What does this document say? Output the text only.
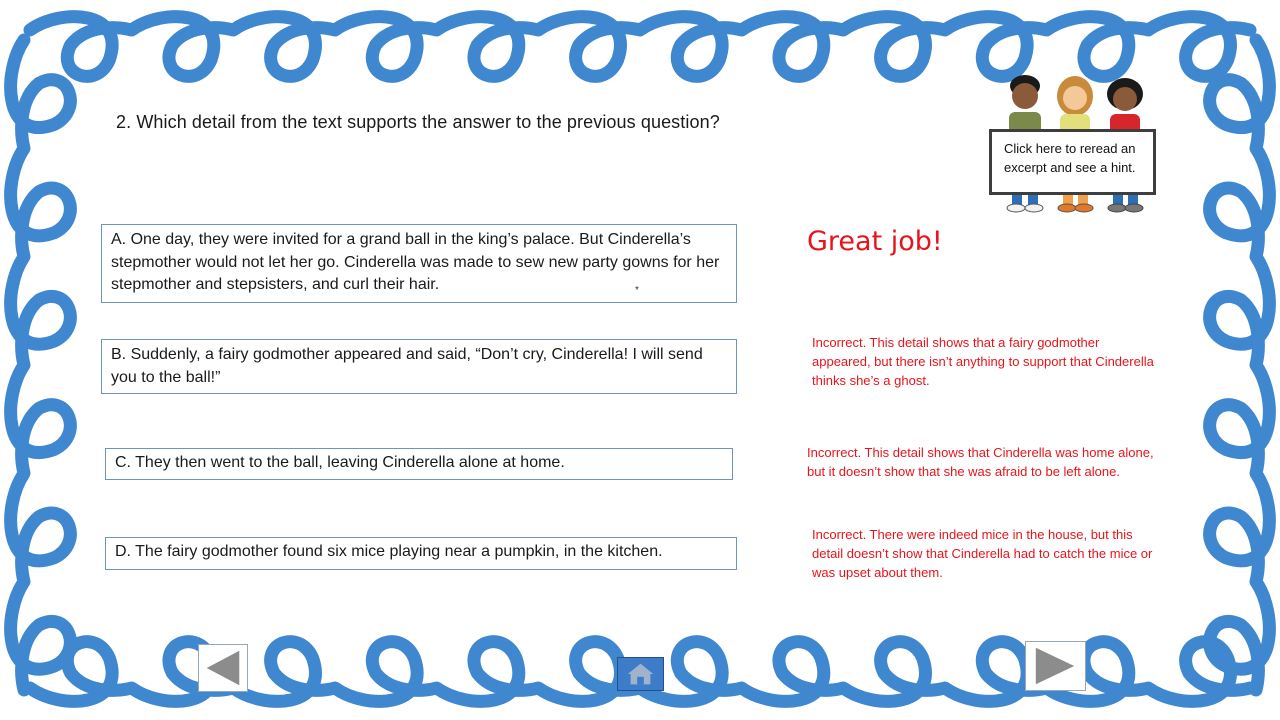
2. Which detail from the text supports the answer to the previous question?
A. One day, they were invited for a grand ball in the king’s palace. But Cinderella’s stepmother would not let her go. Cinderella was made to sew new party gowns for her stepmother and stepsisters, and curl their hair.	*
B. Suddenly, a fairy godmother appeared and said, “Don’t cry, Cinderella! I will send you to the ball!”
C. They then went to the ball, leaving Cinderella alone at home.
D. The fairy godmother found six mice playing near a pumpkin, in the kitchen.
Great job!
Incorrect. This detail shows that a fairy godmother appeared, but there isn’t anything to support that Cinderella thinks she’s a ghost.
Incorrect. This detail shows that Cinderella was home alone, but it doesn’t show that she was afraid to be left alone.
Incorrect. There were indeed mice in the house, but this detail doesn’t show that Cinderella had to catch the mice or was upset about them.
Click here to reread an excerpt and see a hint.
